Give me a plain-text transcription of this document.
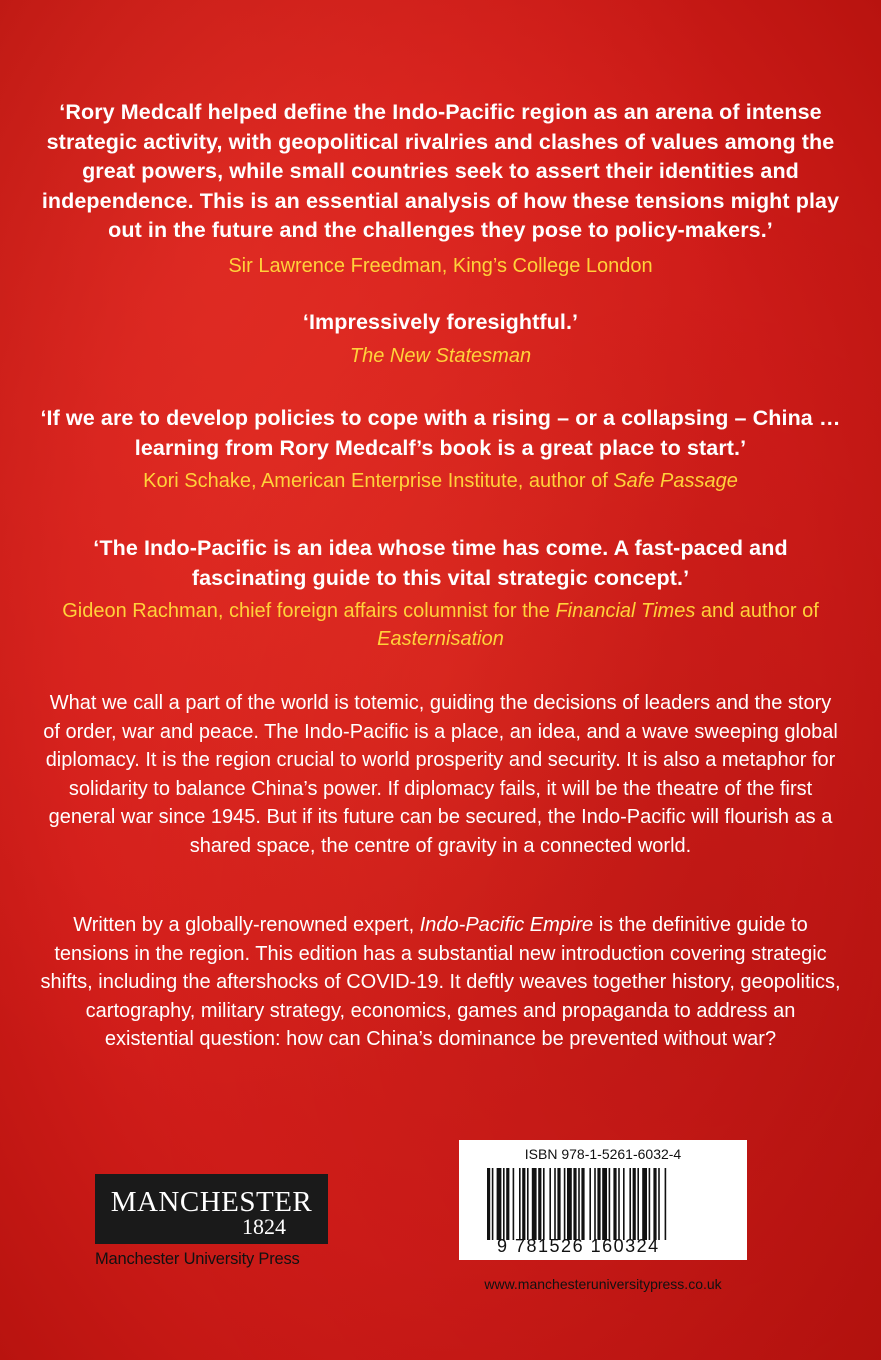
‘Rory Medcalf helped define the Indo-Pacific region as an arena of intense strategic activity, with geopolitical rivalries and clashes of values among the great powers, while small countries seek to assert their identities and independence. This is an essential analysis of how these tensions might play out in the future and the challenges they pose to policy-makers.’

Sir Lawrence Freedman, King’s College London

‘Impressively foresightful.’

The New Statesman

‘If we are to develop policies to cope with a rising – or a collapsing – China … learning from Rory Medcalf’s book is a great place to start.’

Kori Schake, American Enterprise Institute, author of Safe Passage

‘The Indo-Pacific is an idea whose time has come. A fast-paced and fascinating guide to this vital strategic concept.’

Gideon Rachman, chief foreign affairs columnist for the Financial Times and author of Easternisation

What we call a part of the world is totemic, guiding the decisions of leaders and the story of order, war and peace. The Indo-Pacific is a place, an idea, and a wave sweeping global diplomacy. It is the region crucial to world prosperity and security. It is also a metaphor for solidarity to balance China’s power. If diplomacy fails, it will be the theatre of the first general war since 1945. But if its future can be secured, the Indo-Pacific will flourish as a shared space, the centre of gravity in a connected world.

Written by a globally-renowned expert, Indo-Pacific Empire is the definitive guide to tensions in the region. This edition has a substantial new introduction covering strategic shifts, including the aftershocks of COVID-19. It deftly weaves together history, geopolitics, cartography, military strategy, economics, games and propaganda to address an existential question: how can China’s dominance be prevented without war?

MANCHESTER
1824
Manchester University Press
ISBN 978-1-5261-6032-4
9 781526 160324
www.manchesteruniversitypress.co.uk
